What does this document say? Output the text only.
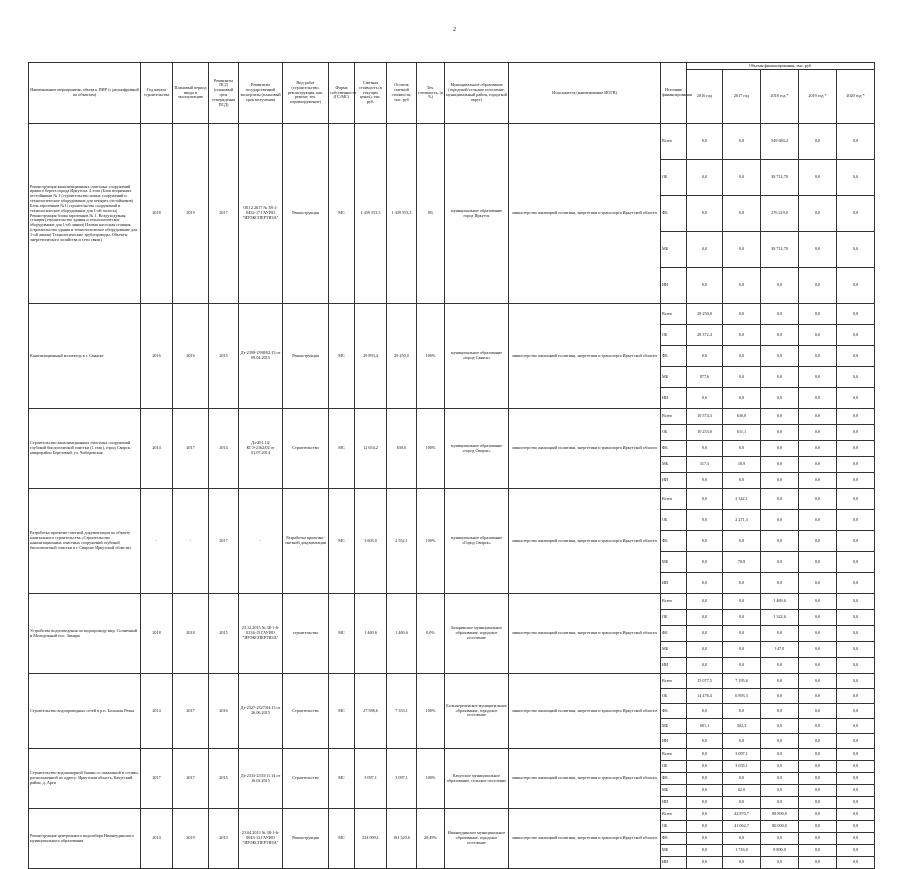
2
Наименование мероприятия, объекта, ПИР (с расшифровкой по объектам)	Год начала строительства	Плановый период ввода в эксплуатацию	Реквизиты ПСД (плановый срок утверждения ПСД)	Реквизиты государственной экспертизы (плановый срок получения)	Вид работ (строительство, реконструкция, кап. ремонт, тех. перевооружение)	Форма собственности (ГС/МС)	Сметная стоимость (в текущих ценах), тыс. руб.	Остаток сметной стоимости, тыс. руб	Тех. готовность, (в %)	Муниципальное образование (городской/сельское поселение, муниципальный район, городской округ)	Исполнитель (наименование ИОГВ)	Источник финансирования	Объемы финансирования, тыс. руб.				
													2016 год	2017 год	2018 год *	2019 год *	2020 год *
Реконструкция канализационных очистных сооружений правого берега города Иркутска. 4 этап (Блок вторичных отстойников № 1 (строительство новых сооружений и технологическое оборудование для четырех отстойников) Блок аэротенков №1 (строительство сооружений и технологическое оборудование для 1-ой полосы) Реконструкция блока аэротенков № 1. Воздуходувная станция (строительство здания и технологическое оборудование для 1-ой линии) Иловая насосная станция (строительство здания и технологическое оборудование для 1-ой линии) Технологические трубопроводы. Объекты энергетического хозяйства и сети связи)	2018	2019	2017	08.12.2017 № 38-1-0432-17 ГАУИО "ИРЭКСПЕРТИЗА"	Реконструкция	МС	1 439 553,3	1 439 553,3	0%	муниципальное образование город Иркутск	министерство жилищной политики, энергетики и транспорта Иркутской области	Всего	0,0	0,0	549 684,4	0,0	0,0
												ОБ	0,0	0,0	38 712,70	0,0	0,0
												ФБ	0,0	0,0	276 219,0	0,0	0,0
												МБ	0,0	0,0	38 712,70	0,0	0,0
												ИИ	0,0	0,0	0,0	0,0	0,0
Канализационный коллектор в г. Саянске	2016	2016	2015	Дз-2398-2398/02.15 от 09.04.2015	Реконструкция	МС	29 893,4	29 250,0	100%	муниципальное образование «город Саянск»	министерство жилищной политики, энергетики и транспорта Иркутской области	Всего	29 250,0	0,0	0,0	0,0	0,0
												ОБ	28 372,4	0,0	0,0	0,0	0,0
												ФБ	0,0	0,0	0,0	0,0	0,0
												МБ	877,6	0,0	0,0	0,0	0,0
												ИИ	0,0	0,0	0,0	0,0	0,0
Строительство канализационных очистных сооружений глубокой биологической очистки (1 этап), город Свирск, микрорайон Березовый, ул. Чиборевская	2014	2017	2014	Дз-201.14/КГЭ-2162/02 от 01.07.2014	Строительство	МС	12 654,2	630,0	100%	муниципальное образование «город Свирск»	министерство жилищной политики, энергетики и транспорта Иркутской области	Всего	10 574,3	630,0	0,0	0,0	0,0
												ОБ	10 253,0	611,1	0,0	0,0	0,0
												ФБ	0,0	0,0	0,0	0,0	0,0
												МБ	317,3	18,9	0,0	0,0	0,0
												ИИ	0,0	0,0	0,0	0,0	0,0
Разработка проектно-сметной документации по объекту капитального строительства «Строительство канализационных очистных сооружений глубокой биологической очистки в г. Свирске Иркутской области»	-	-	2017	-	Разработка проектно-сметной документации	МС	3 603,0	2 552,1	100%	муниципальное образование «Город Свирск»	министерство жилищной политики, энергетики и транспорта Иркутской области	Всего	0,0	2 342,1	0,0	0,0	0,0
												ОБ	0,0	2 271,3	0,0	0,0	0,0
												ФБ	0,0	0,0	0,0	0,0	0,0
												МБ	0,0	70,8	0,0	0,0	0,0
												ИИ	0,0	0,0	0,0	0,0	0,0
Устройство водоотведения по водопроводу мкр. Солнечный и Молодежный пос. Зимари	2018	2018	2015	23.12.2015 № 38-1-6-0234-15 ГАУИО "ИРЭКСПЕРТИЗА"	строительство	МС	1 469,6	1 469,6	0,0%	Заларинское муниципальное образование, городское поселение	министерство жилищной политики, энергетики и транспорта Иркутской области	Всего	0,0	0,0	1 469,6	0,0	0,0
												ОБ	0,0	0,0	1 322,6	0,0	0,0
												ФБ	0,0	0,0	0,0	0,0	0,0
												МБ	0,0	0,0	147,0	0,0	0,0
												ИИ	0,0	0,0	0,0	0,0	0,0
Строительство водопроводных сетей в р.п. Большая Речка	2014	2017	2016	Дз-2327-2327/04.15 от 26.06.2015	Строительство	МС	27 588,6	7 353,1	100%	Большереченское муниципальное образование, городское поселение	министерство жилищной политики, энергетики и транспорта Иркутской области	Всего	15 077,5	7 195,6	0,0	0,0	0,0
												ОБ	14 476,4	6 893,3	0,0	0,0	0,0
												ФБ	0,0	0,0	0,0	0,0	0,0
												МБ	601,1	302,3	0,0	0,0	0,0
												ИИ	0,0	0,0	0,0	0,0	0,0
Строительство водонапорной башни со скважиной и сетями, расположенной по адресу: Иркутская область, Качугский район, д. Арги	2017	2017	2015	Дз-2333-2333/11.14 от 16.02.2015	Строительство	МС	3 097,1	3 097,1	100%	Качугское муниципальное образование, сельское поселение	министерство жилищной политики, энергетики и транспорта Иркутской области	Всего	0,0	3 097,1	0,0	0,0	0,0
												ОБ	0,0	3 035,1	0,0	0,0	0,0
												ФБ	0,0	0,0	0,0	0,0	0,0
												МБ	0,0	62,0	0,0	0,0	0,0
												ИИ	0,0	0,0	0,0	0,0	0,0
Реконструкция центрального водозабора Нижнеудинского муниципального образования	2014	2019	2013	23.04.2013 № 38-1-6-0043-13 ГАУИО "ИРЭКСПЕРТИЗА"	Реконструкция	МС	224 099,1	181 520,6	20,49%	Нижнеудинское муниципальное образование, городское поселение	министерство жилищной политики, энергетики и транспорта Иркутской области	Всего	0,0	42 870,7	88 890,0	0,0	0,0
												ОБ	0,0	41 062,7	80 000,0	0,0	0,0
												ФБ	0,0	0,0	0,0	0,0	0,0
												МБ	0,0	1 716,0	8 890,0	0,0	0,0
												ИИ	0,0	0,0	0,0	0,0	0,0
